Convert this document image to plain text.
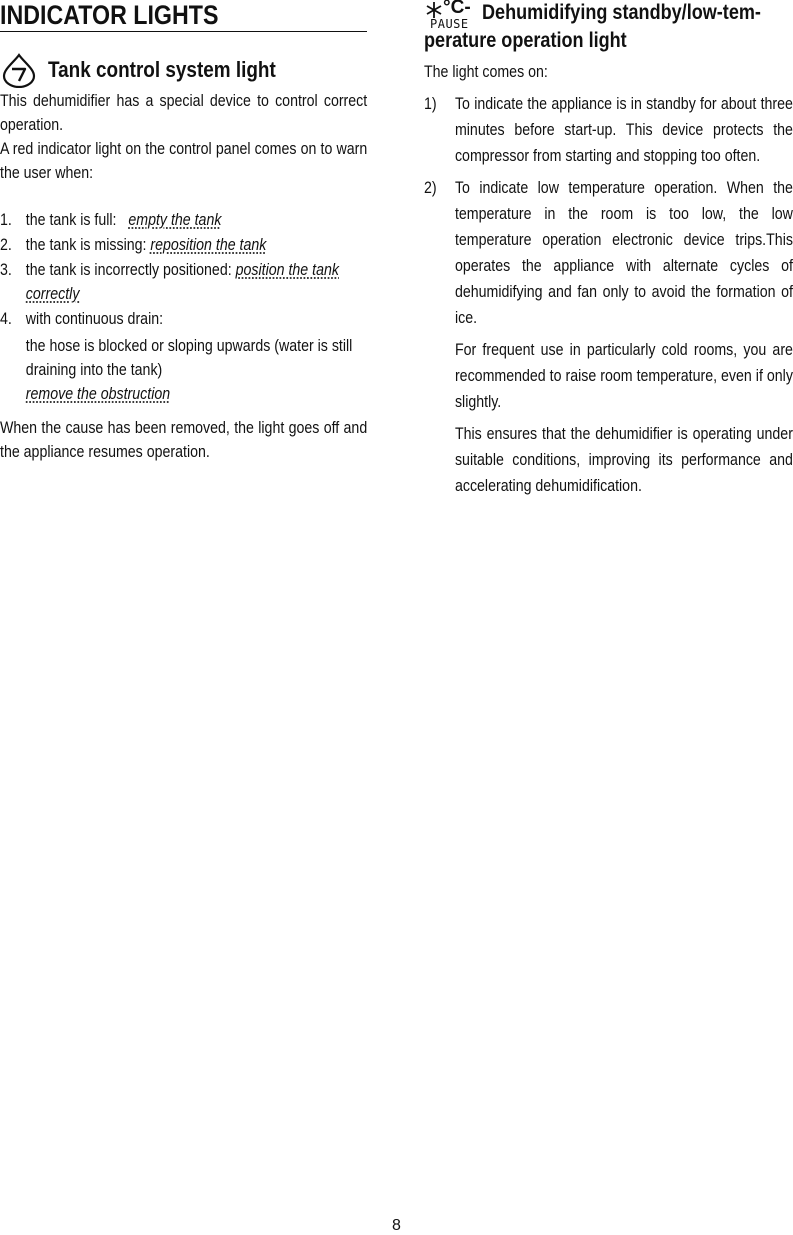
INDICATOR LIGHTS
Tank control system light

This dehumidifier has a special device to control correct operation.

A red indicator light on the control panel comes on to warn the user when:

1. the tank is full: empty the tank
2. the tank is missing: reposition the tank
3. the tank is incorrectly positioned: position the tank correctly
4. with continuous drain:
the hose is blocked or sloping upwards (water is still draining into the tank)
remove the obstruction

When the cause has been removed, the light goes off and the appliance resumes operation.

°C-
PAUSE Dehumidifying standby/low-tem-
perature operation light

The light comes on:

1) To indicate the appliance is in standby for about three minutes before start-up. This device protects the compressor from starting and stopping too often.
2) To indicate low temperature operation. When the temperature in the room is too low, the low temperature operation electronic device trips.This operates the appliance with alternate cycles of dehumidifying and fan only to avoid the formation of ice.

For frequent use in particularly cold rooms, you are recommended to raise room temperature, even if only slightly.

This ensures that the dehumidifier is operating under suitable conditions, improving its performance and accelerating dehumidification.

8
